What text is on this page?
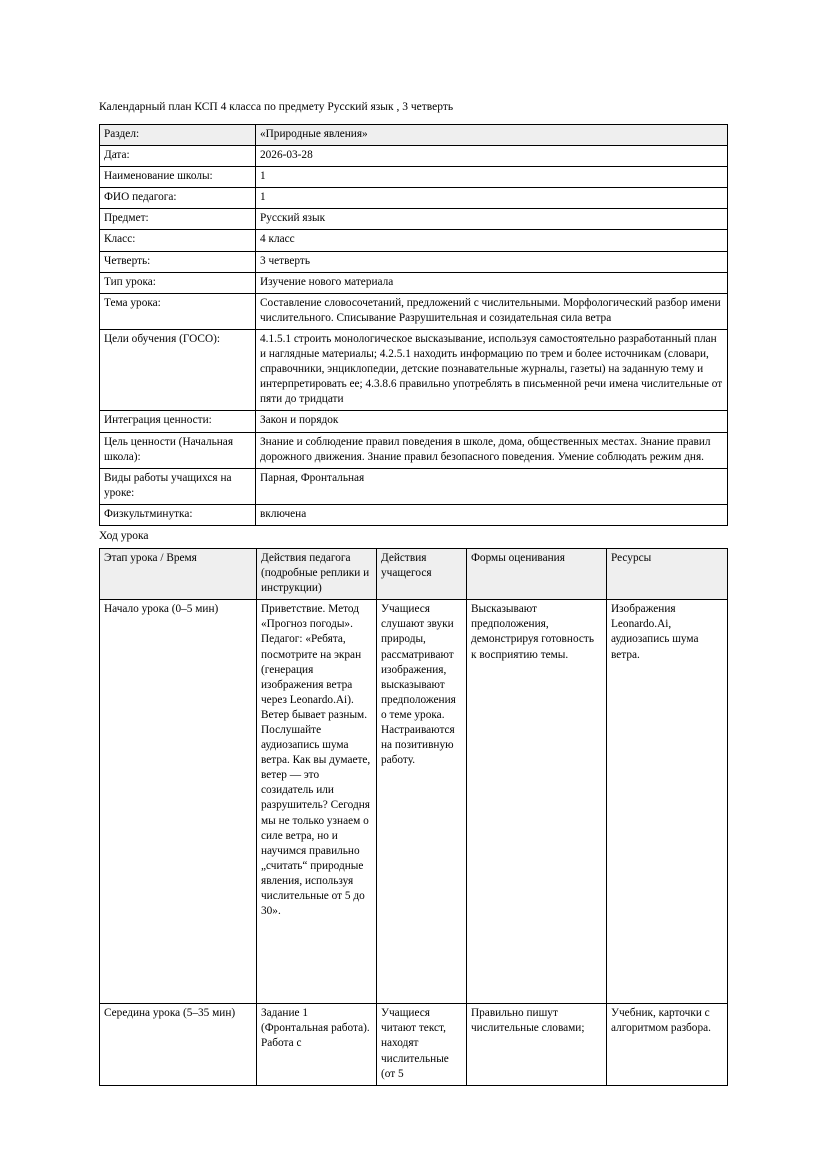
Календарный план КСП 4 класса по предмету Русский язык , 3 четверть
Раздел:	«Природные явления»
Дата:	2026-03-28
Наименование школы:	1
ФИО педагога:	1
Предмет:	Русский язык
Класс:	4 класс
Четверть:	3 четверть
Тип урока:	Изучение нового материала
Тема урока:	Составление словосочетаний, предложений с числительными. Морфологический разбор имени числительного. Списывание Разрушительная и созидательная сила ветра
Цели обучения (ГОСО):	4.1.5.1 строить монологическое высказывание, используя самостоятельно разработанный план и наглядные материалы; 4.2.5.1 находить информацию по трем и более источникам (словари, справочники, энциклопедии, детские познавательные журналы, газеты) на заданную тему и интерпретировать ее; 4.3.8.6 правильно употреблять в письменной речи имена числительные от пяти до тридцати
Интеграция ценности:	Закон и порядок
Цель ценности (Начальная школа):	Знание и соблюдение правил поведения в школе, дома, общественных местах. Знание правил дорожного движения. Знание правил безопасного поведения. Умение соблюдать режим дня.
Виды работы учащихся на уроке:	Парная, Фронтальная
Физкультминутка:	включена
Ход урока
Этап урока / Время	Действия педагога (подробные реплики и инструкции)	Действия учащегося	Формы оценивания	Ресурсы
Начало урока (0–5 мин)	Приветствие. Метод «Прогноз погоды». Педагог: «Ребята, посмотрите на экран (генерация изображения ветра через Leonardo.Ai). Ветер бывает разным. Послушайте аудиозапись шума ветра. Как вы думаете, ветер — это созидатель или разрушитель? Сегодня мы не только узнаем о силе ветра, но и научимся правильно „считать“ природные явления, используя числительные от 5 до 30».	Учащиеся слушают звуки природы, рассматривают изображения, высказывают предположения о теме урока. Настраиваются на позитивную работу.	Высказывают предположения, демонстрируя готовность к восприятию темы.	Изображения Leonardo.Ai, аудиозапись шума ветра.
Середина урока (5–35 мин)	Задание 1 (Фронтальная работа). Работа с	Учащиеся читают текст, находят числительные (от 5	Правильно пишут числительные словами;	Учебник, карточки с алгоритмом разбора.
